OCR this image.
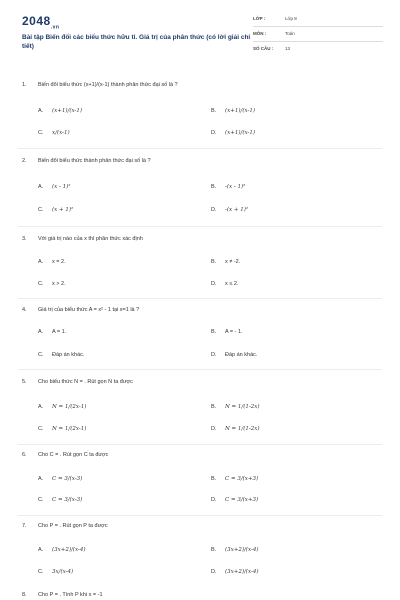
$2048_{.vn}$
Bài tập Biến đổi các biểu thức hữu tỉ. Giá trị của phân thức (có lời giải chi tiết)
LỚP :	Lớp 8
MÔN :	Toán
SỐ CÂU :	13
1. Biến đổi biểu thức (x+1)/(x-1) thành phân thức đại số là ?
A. (x+1)/(x-1)	B. (x+1)/(x-1)
C. x/(x-1)	D. (x+1)/(x-1)
2. Biến đổi biểu thức thành phân thức đại số là ?
A. (x - 1)²	B. -(x - 1)²
C. (x + 1)²	D. -(x + 1)²
3. Với giá trị nào của x thì phân thức xác định
A. x = 2.	B. x ≠ -2.
C. x > 2.	D. x ≤ 2.
4. Giá trị của biểu thức A = x² - 1 tại x=1 là ?
A. A = 1.	B. A = - 1.
C. Đáp án khác.	D. Đáp án khác.
5. Cho biểu thức N = . Rút gọn N ta được
A. N = 1/(2x-1)	B. N = 1/(1-2x)
C. N = 1/(2x-1)	D. N = 1/(1-2x)
6. Cho C = . Rút gọn C ta được
A. C = 3/(x-3)	B. C = 3/(x+3)
C. C = 3/(x-3)	D. C = 3/(x+3)
7. Cho P = . Rút gọn P ta được
A. (3x+2)/(x-4)	B. (3x+2)/(x-4)
C. 3x/(x-4)	D. (3x+2)/(x-4)
8. Cho P = . Tính P khi x = -1
